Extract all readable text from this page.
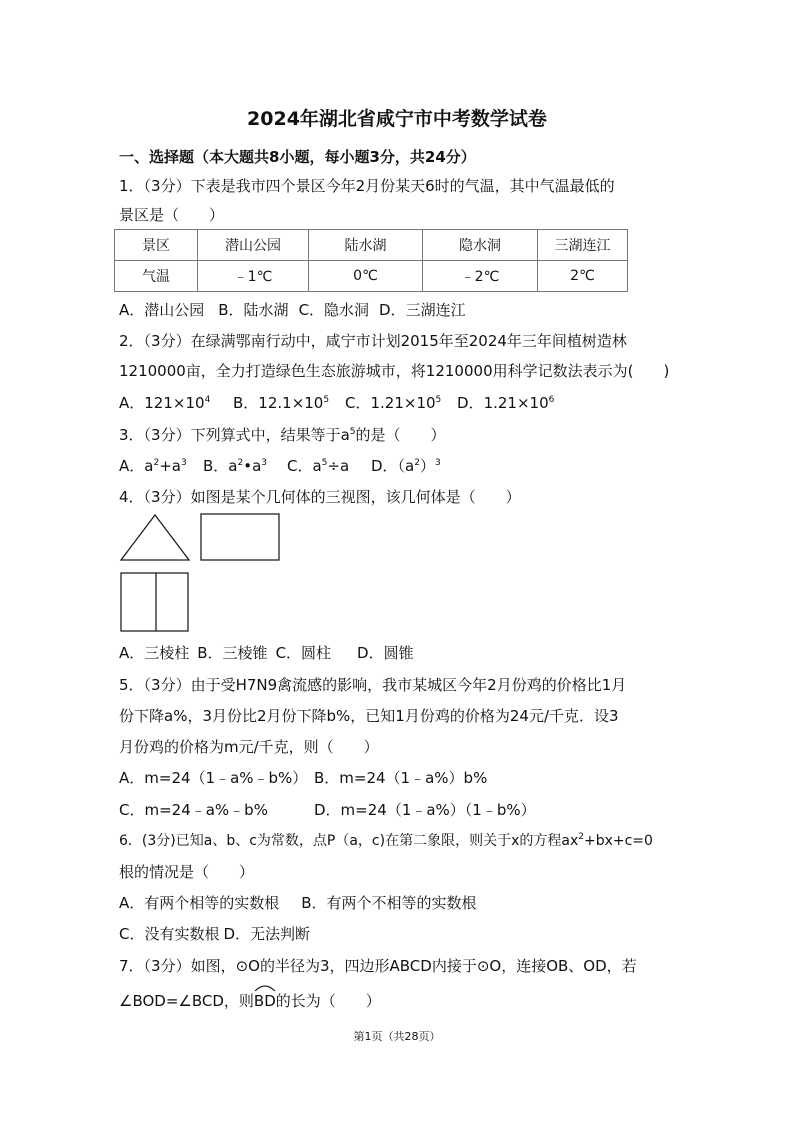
2024年湖北省咸宁市中考数学试卷
一、选择题（本大题共8小题，每小题3分，共24分）
1．（3分）下表是我市四个景区今年2月份某天6时的气温，其中气温最低的
景区是（　　）
景区	潜山公园	陆水湖	隐水洞	三湖连江
气温	﹣1℃	0℃	﹣2℃	2℃
A．潜山公园 B．陆水湖 C．隐水洞 D．三湖连江
2．（3分）在绿满鄂南行动中，咸宁市计划2015年至2024年三年间植树造林
1210000亩，全力打造绿色生态旅游城市，将1210000用科学记数法表示为(　　)
A．$121\times 10^4$ B．$12.1\times 10^5$ C．$1.21\times 10^5$ D．$1.21\times 10^6$
3．（3分）下列算式中，结果等于$a^5$的是（　　）
A．$a^2+a^3$ B．$a^2•a^3$ C．$a^5\div a$ D．$(a^2)^3$
4．（3分）如图是某个几何体的三视图，该几何体是（　　）
A．三棱柱 B．三棱锥 C．圆柱 D．圆锥
5．（3分）由于受H7N9禽流感的影响，我市某城区今年2月份鸡的价格比1月
份下降a%，3月份比2月份下降b%，已知1月份鸡的价格为24元/千克．设3
月份鸡的价格为m元/千克，则（　　）
A．m=24（1﹣a%﹣b%） B．m=24（1﹣a%）b%
C．m=24﹣a%﹣b%	D．m=24（1﹣a%）（1﹣b%）
6．(3分)已知a、b、c为常数，点P（a，c)在第二象限，则关于x的方程$ax^2+bx+c=0$
根的情况是（　　）
A．有两个相等的实数根 B．有两个不相等的实数根
C．没有实数根 D．无法判断
7．（3分）如图，⊙O的半径为3，四边形ABCD内接于⊙O，连接OB、OD，若
∠BOD=∠BCD，则
BD的长为（　　）
第1页（共28页）
